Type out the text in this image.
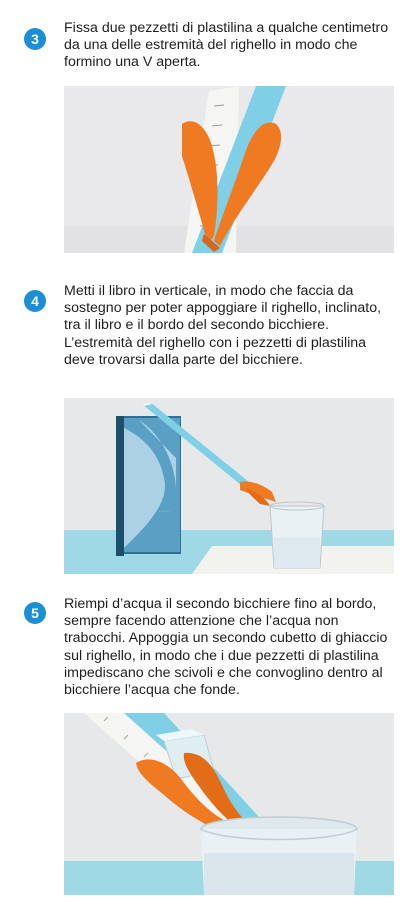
3

Fissa due pezzetti di plastilina a qualche centimetro da una delle estremità del righello in modo che formino una V aperta.

4

Metti il libro in verticale, in modo che faccia da sostegno per poter appoggiare il righello, inclinato, tra il libro e il bordo del secondo bicchiere. L’estremità del righello con i pezzetti di plastilina deve trovarsi dalla parte del bicchiere.

· · · · ·
5

Riempi d’acqua il secondo bicchiere fino al bordo, sempre facendo attenzione che l’acqua non trabocchi. Appoggia un secondo cubetto di ghiaccio sul righello, in modo che i due pezzetti di plastilina impediscano che scivoli e che convoglino dentro al bicchiere l’acqua che fonde.
